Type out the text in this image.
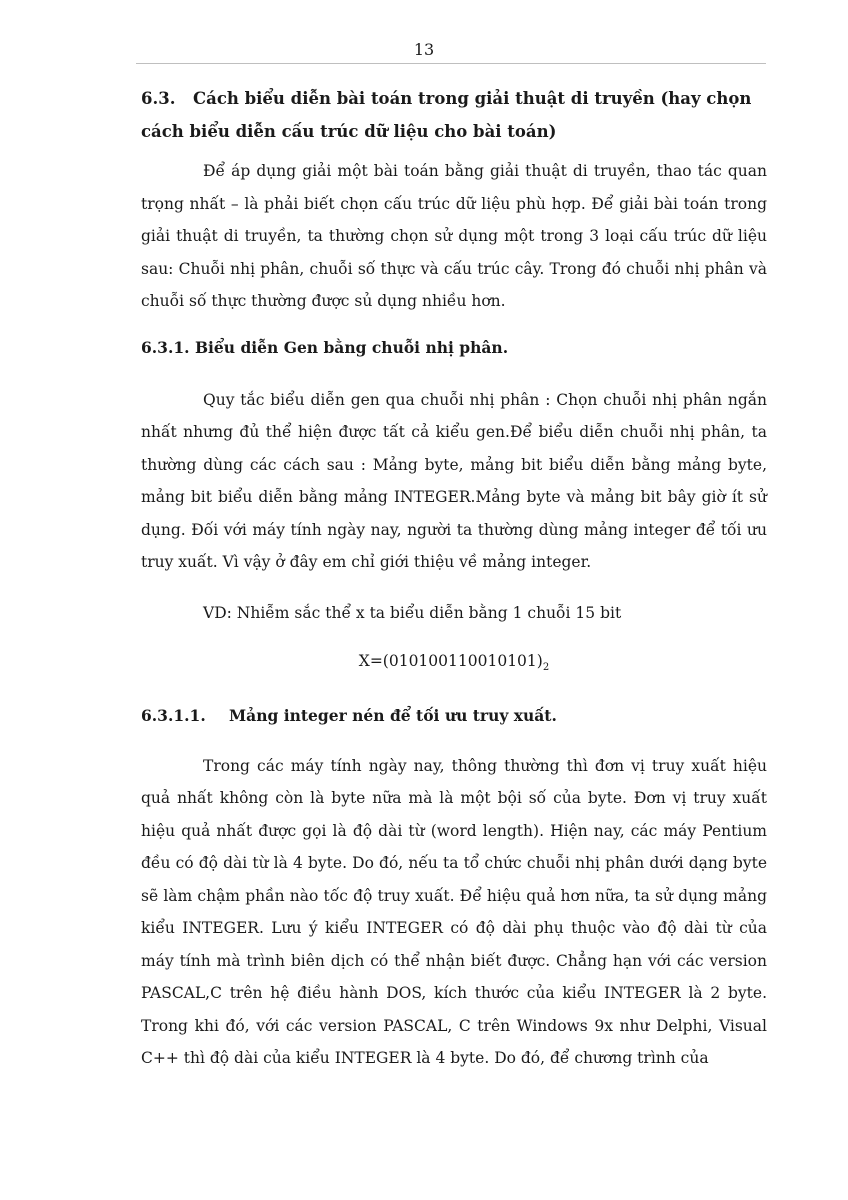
13
6.3. Cách biểu diễn bài toán trong giải thuật di truyền (hay chọn cách biểu diễn cấu trúc dữ liệu cho bài toán)

Để áp dụng giải một bài toán bằng giải thuật di truyền, thao tác quan trọng nhất – là phải biết chọn cấu trúc dữ liệu phù hợp. Để giải bài toán trong giải thuật di truyền, ta thường chọn sử dụng một trong 3 loại cấu trúc dữ liệu sau: Chuỗi nhị phân, chuỗi số thực và cấu trúc cây. Trong đó chuỗi nhị phân và chuỗi số thực thường được sủ dụng nhiều hơn.

6.3.1. Biểu diễn Gen bằng chuỗi nhị phân.

Quy tắc biểu diễn gen qua chuỗi nhị phân : Chọn chuỗi nhị phân ngắn nhất nhưng đủ thể hiện được tất cả kiểu gen.Để biểu diễn chuỗi nhị phân, ta thường dùng các cách sau : Mảng byte, mảng bit biểu diễn bằng mảng byte, mảng bit biểu diễn bằng mảng INTEGER.Mảng byte và mảng bit bây giờ ít sử dụng. Đối với máy tính ngày nay, người ta thường dùng mảng integer để tối ưu truy xuất. Vì vậy ở đây em chỉ giới thiệu về mảng integer.

VD: Nhiễm sắc thể x ta biểu diễn bằng 1 chuỗi 15 bit

$X=(010100110010101)_2$

6.3.1.1. Mảng integer nén để tối ưu truy xuất.

Trong các máy tính ngày nay, thông thường thì đơn vị truy xuất hiệu quả nhất không còn là byte nữa mà là một bội số của byte. Đơn vị truy xuất hiệu quả nhất được gọi là độ dài từ (word length). Hiện nay, các máy Pentium đều có độ dài từ là 4 byte. Do đó, nếu ta tổ chức chuỗi nhị phân dưới dạng byte sẽ làm chậm phần nào tốc độ truy xuất. Để hiệu quả hơn nữa, ta sử dụng mảng kiểu INTEGER. Lưu ý kiểu INTEGER có độ dài phụ thuộc vào độ dài từ của máy tính mà trình biên dịch có thể nhận biết được. Chẳng hạn với các version PASCAL,C trên hệ điều hành DOS, kích thước của kiểu INTEGER là 2 byte. Trong khi đó, với các version PASCAL, C trên Windows 9x như Delphi, Visual C++ thì độ dài của kiểu INTEGER là 4 byte. Do đó, để chương trình của
